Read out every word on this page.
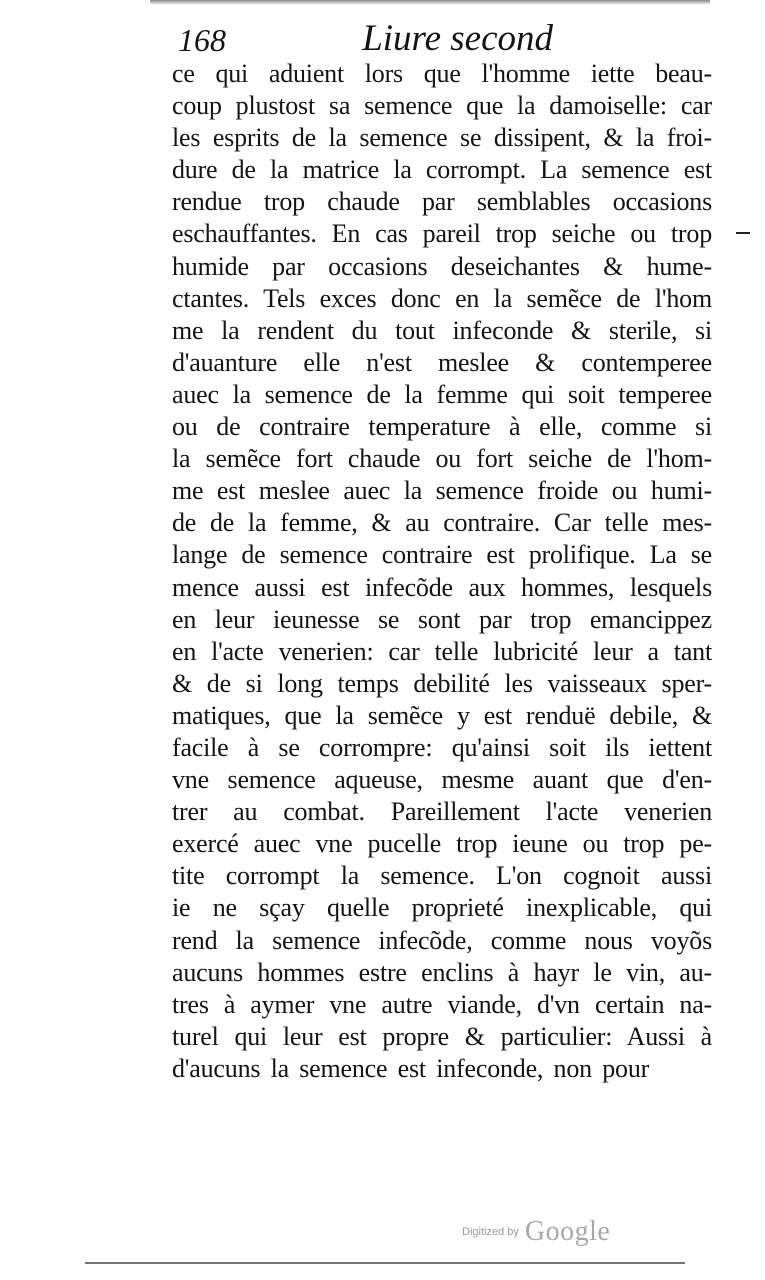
168	Liure second
ce qui aduient lors que l'homme iette beau-
coup plustost sa semence que la damoiselle: car
les esprits de la semence se dissipent, & la froi-
dure de la matrice la corrompt. La semence est
rendue trop chaude par semblables occasions
eschauffantes. En cas pareil trop seiche ou trop
humide par occasions deseichantes & hume-
ctantes. Tels exces donc en la semẽce de l'hom
me la rendent du tout infeconde & sterile, si
d'auanture elle n'est meslee & contemperee
auec la semence de la femme qui soit temperee
ou de contraire temperature à elle, comme si
la semẽce fort chaude ou fort seiche de l'hom-
me est meslee auec la semence froide ou humi-
de de la femme, & au contraire. Car telle mes-
lange de semence contraire est prolifique. La se
mence aussi est infecõde aux hommes, lesquels
en leur ieunesse se sont par trop emancippez
en l'acte venerien: car telle lubricité leur a tant
& de si long temps debilité les vaisseaux sper-
matiques, que la semẽce y est renduë debile, &
facile à se corrompre: qu'ainsi soit ils iettent
vne semence aqueuse, mesme auant que d'en-
trer au combat. Pareillement l'acte venerien
exercé auec vne pucelle trop ieune ou trop pe-
tite corrompt la semence. L'on cognoit aussi
ie ne sçay quelle proprieté inexplicable, qui
rend la semence infecõde, comme nous voyõs
aucuns hommes estre enclins à hayr le vin, au-
tres à aymer vne autre viande, d'vn certain na-
turel qui leur est propre & particulier: Aussi à
d'aucuns la semence est infeconde, non pour
Digitized by Google
